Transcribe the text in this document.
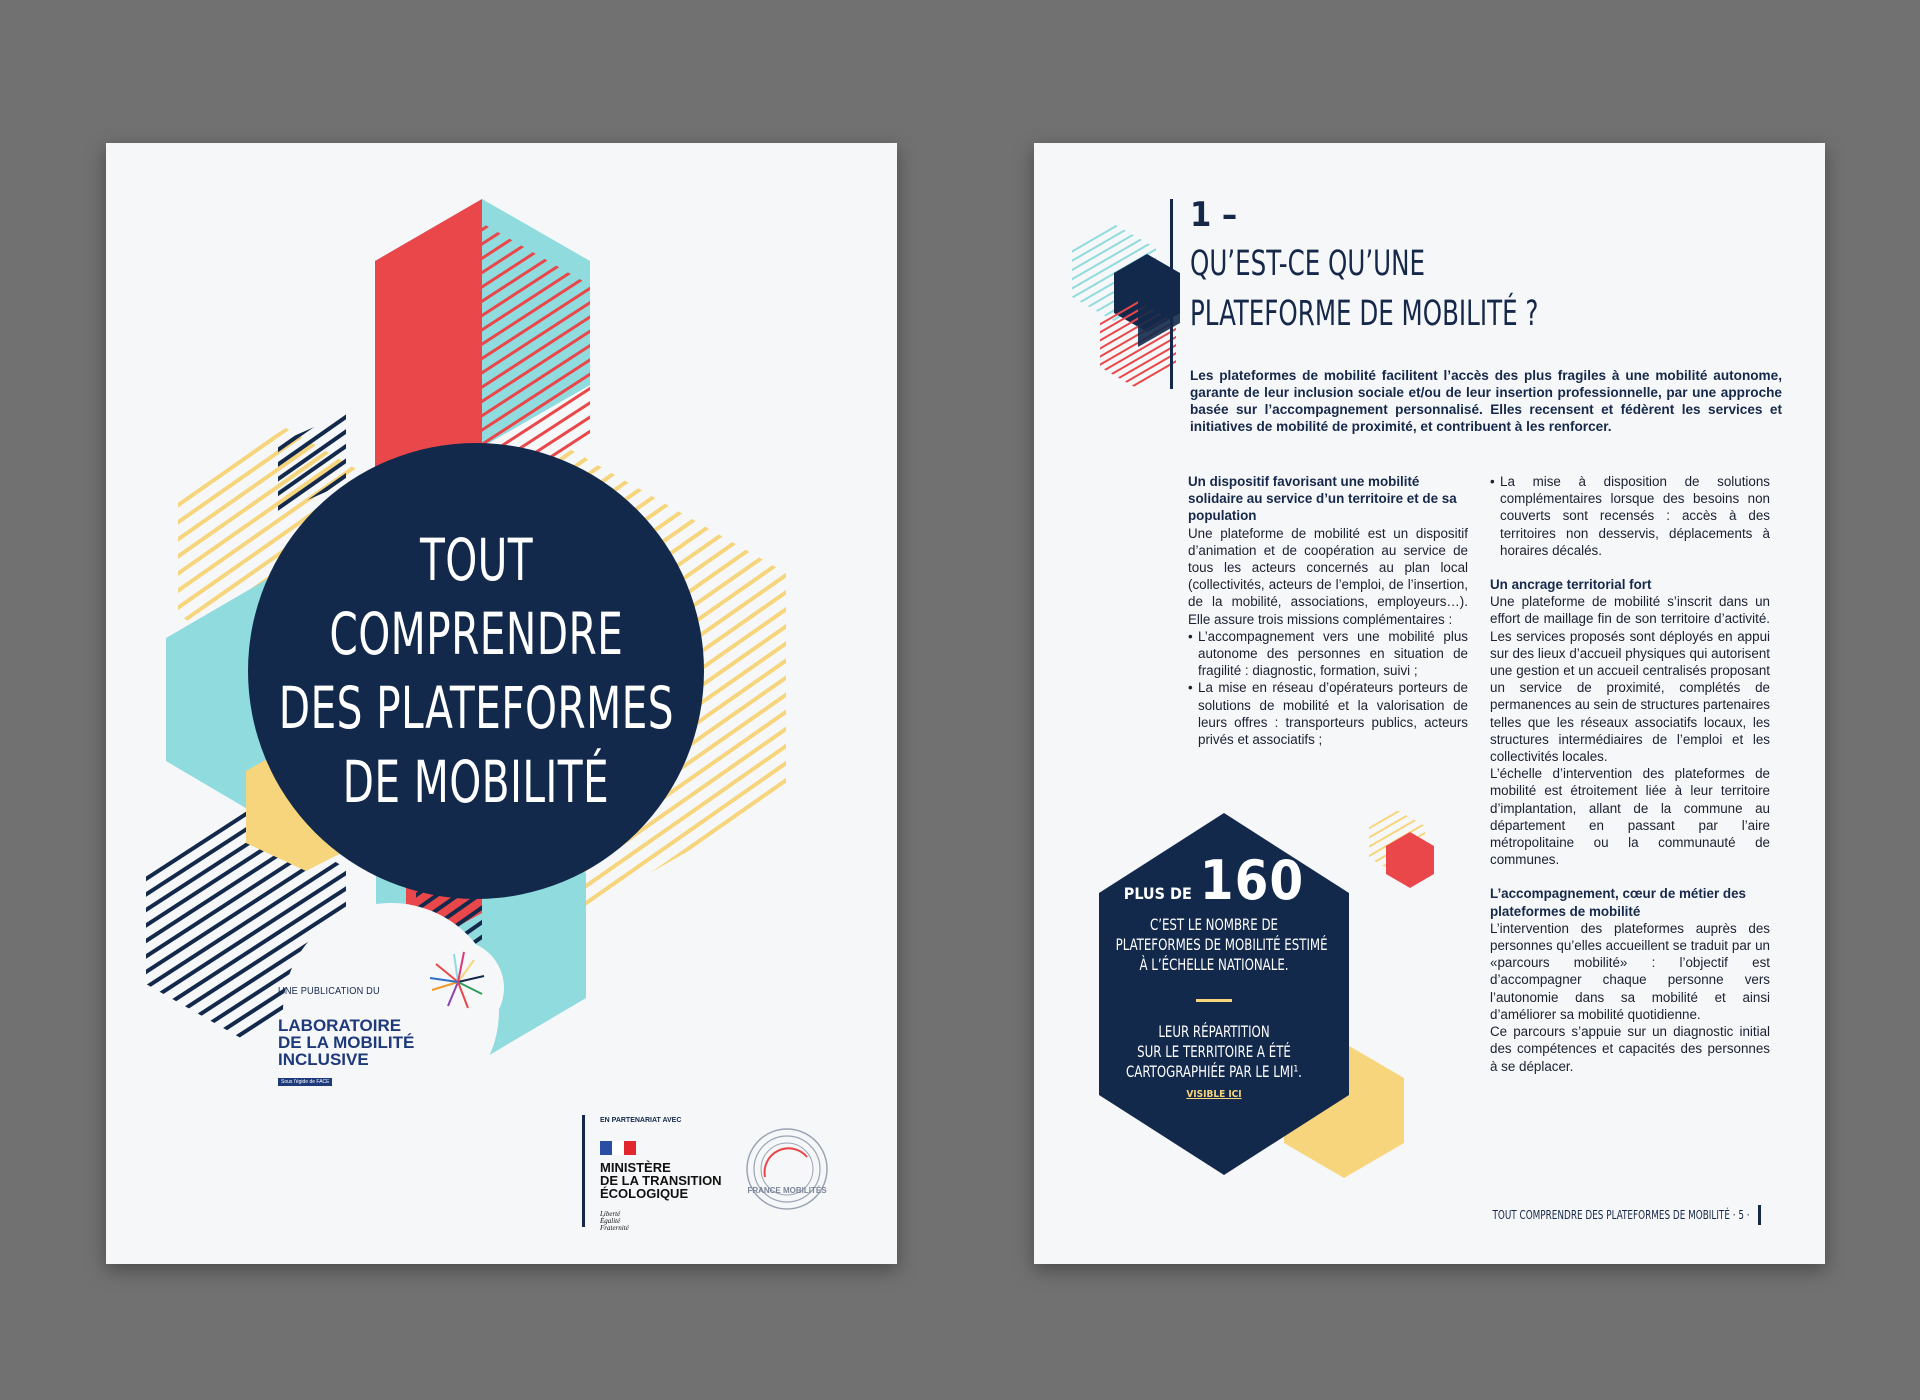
TOUT
COMPRENDRE
DES PLATEFORMES
DE MOBILITÉ
UNE PUBLICATION DU
LABORATOIRE
DE LA MOBILITÉ
INCLUSIVE
Sous l'égide de FACE
EN PARTENARIAT AVEC
MINISTÈRE
DE LA TRANSITION
ÉCOLOGIQUE
Liberté
Égalité
Fraternité
FRANCE MOBILITÉS
1 –
QU’EST-CE QU’UNE
PLATEFORME DE MOBILITÉ ?

Les plateformes de mobilité facilitent l’accès des plus fragiles à une mobilité autonome, garante de leur inclusion sociale et/ou de leur insertion professionnelle, par une approche basée sur l’accompagnement personnalisé. Elles recensent et fédèrent les services et initiatives de mobilité de proximité, et contribuent à les renforcer.

Un dispositif favorisant une mobilité solidaire au service d’un territoire et de sa population

Une plateforme de mobilité est un dispositif d’animation et de coopération au service de tous les acteurs concernés au plan local (collectivités, acteurs de l’emploi, de l’insertion, de la mobilité, associations, employeurs…). Elle assure trois missions complémentaires :

• L’accompagnement vers une mobilité plus autonome des personnes en situation de fragilité : diagnostic, formation, suivi ;
• La mise en réseau d’opérateurs porteurs de solutions de mobilité et la valorisation de leurs offres : transporteurs publics, acteurs privés et associatifs ;
• La mise à disposition de solutions complémentaires lorsque des besoins non couverts sont recensés : accès à des territoires non desservis, déplacements à horaires décalés.
Un ancrage territorial fort

Une plateforme de mobilité s’inscrit dans un effort de maillage fin de son territoire d’activité. Les services proposés sont déployés en appui sur des lieux d’accueil physiques qui autorisent une gestion et un accueil centralisés proposant un service de proximité, complétés de permanences au sein de structures partenaires telles que les réseaux associatifs locaux, les structures intermédiaires de l’emploi et les collectivités locales.

L’échelle d’intervention des plateformes de mobilité est étroitement liée à leur territoire d’implantation, allant de la commune au département en passant par l’aire métropolitaine ou la communauté de communes.

L’accompagnement, cœur de métier des plateformes de mobilité

L’intervention des plateformes auprès des personnes qu’elles accueillent se traduit par un «parcours mobilité» : l’objectif est d’accompagner chaque personne vers l’autonomie dans sa mobilité et ainsi d’améliorer sa mobilité quotidienne.

Ce parcours s’appuie sur un diagnostic initial des compétences et capacités des personnes à se déplacer.

PLUS DE 160
C’EST LE NOMBRE DE
PLATEFORMES DE MOBILITÉ ESTIMÉ
À L’ÉCHELLE NATIONALE.
LEUR RÉPARTITION
SUR LE TERRITOIRE A ÉTÉ
CARTOGRAPHIÉE PAR LE LMI¹.
VISIBLE ICI
TOUT COMPRENDRE DES PLATEFORMES DE MOBILITÉ · 5 ·
